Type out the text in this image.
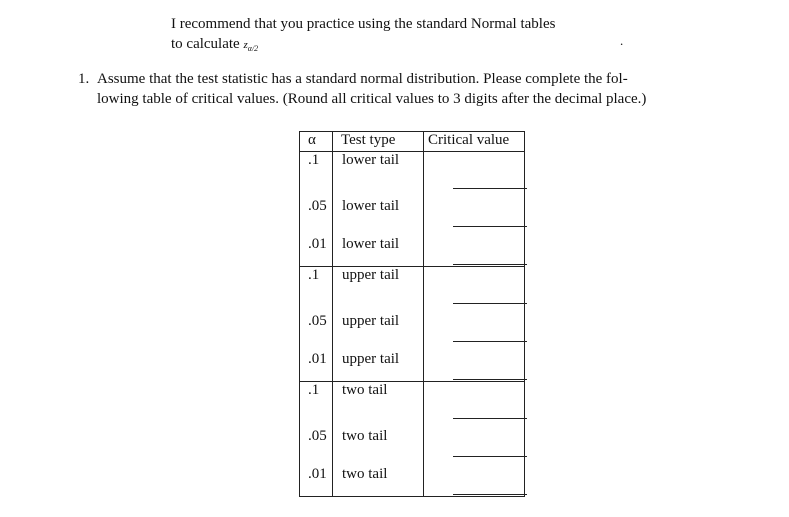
I recommend that you practice using the standard Normal tables
to calculate $z_{\alpha/2}$
.
1. Assume that the test statistic has a standard normal distribution. Please complete the fol-
lowing table of critical values. (Round all critical values to 3 digits after the decimal place.)
α	Test type	Critical value

.1	lower tail	

.05	lower tail	

.01	lower tail	

.1	upper tail	

.05	upper tail	

.01	upper tail	

.1	two tail	

.05	two tail	

.01	two tail	
